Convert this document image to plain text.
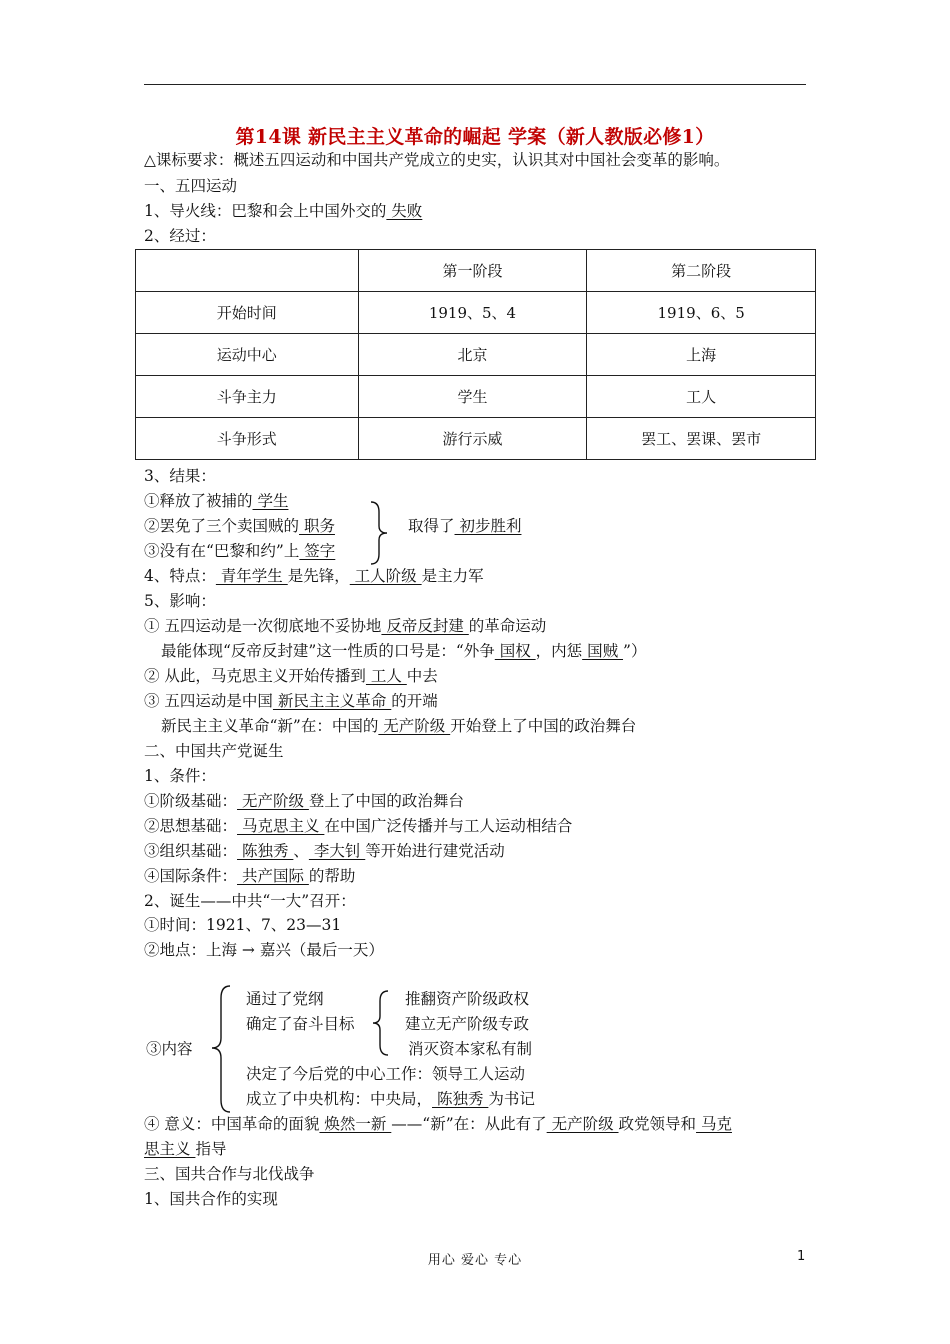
第14课 新民主主义革命的崛起 学案（新人教版必修1）
△课标要求：概述五四运动和中国共产党成立的史实，认识其对中国社会变革的影响。
一、五四运动
1、导火线：巴黎和会上中国外交的 失败
2、经过：
	第一阶段	第二阶段
开始时间	1919、5、4	1919、6、5
运动中心	北京	上海
斗争主力	学生	工人
斗争形式	游行示威	罢工、罢课、罢市
3、结果：
①释放了被捕的 学生
②罢免了三个卖国贼的 职务
③没有在“巴黎和约”上 签字
取得了 初步胜利
4、特点： 青年学生 是先锋， 工人阶级 是主力军
5、影响：
① 五四运动是一次彻底地不妥协地 反帝反封建 的革命运动
最能体现“反帝反封建”这一性质的口号是：“外争 国权 ，内惩 国贼 ”）
② 从此，马克思主义开始传播到 工人 中去
③ 五四运动是中国 新民主主义革命 的开端
新民主主义革命“新”在：中国的 无产阶级 开始登上了中国的政治舞台
二、中国共产党诞生
1、条件：
①阶级基础： 无产阶级 登上了中国的政治舞台
②思想基础： 马克思主义 在中国广泛传播并与工人运动相结合
③组织基础： 陈独秀 、 李大钊 等开始进行建党活动
④国际条件： 共产国际 的帮助
2、诞生——中共“一大”召开：
①时间：1921、7、23—31
②地点：上海 → 嘉兴（最后一天）
③内容
通过了党纲
确定了奋斗目标
决定了今后党的中心工作：领导工人运动
成立了中央机构：中央局， 陈独秀 为书记
推翻资产阶级政权
建立无产阶级专政
消灭资本家私有制
④ 意义：中国革命的面貌 焕然一新 ——“新”在：从此有了 无产阶级 政党领导和 马克
思主义 指导
三、国共合作与北伐战争
1、国共合作的实现
用心 爱心 专心	1
